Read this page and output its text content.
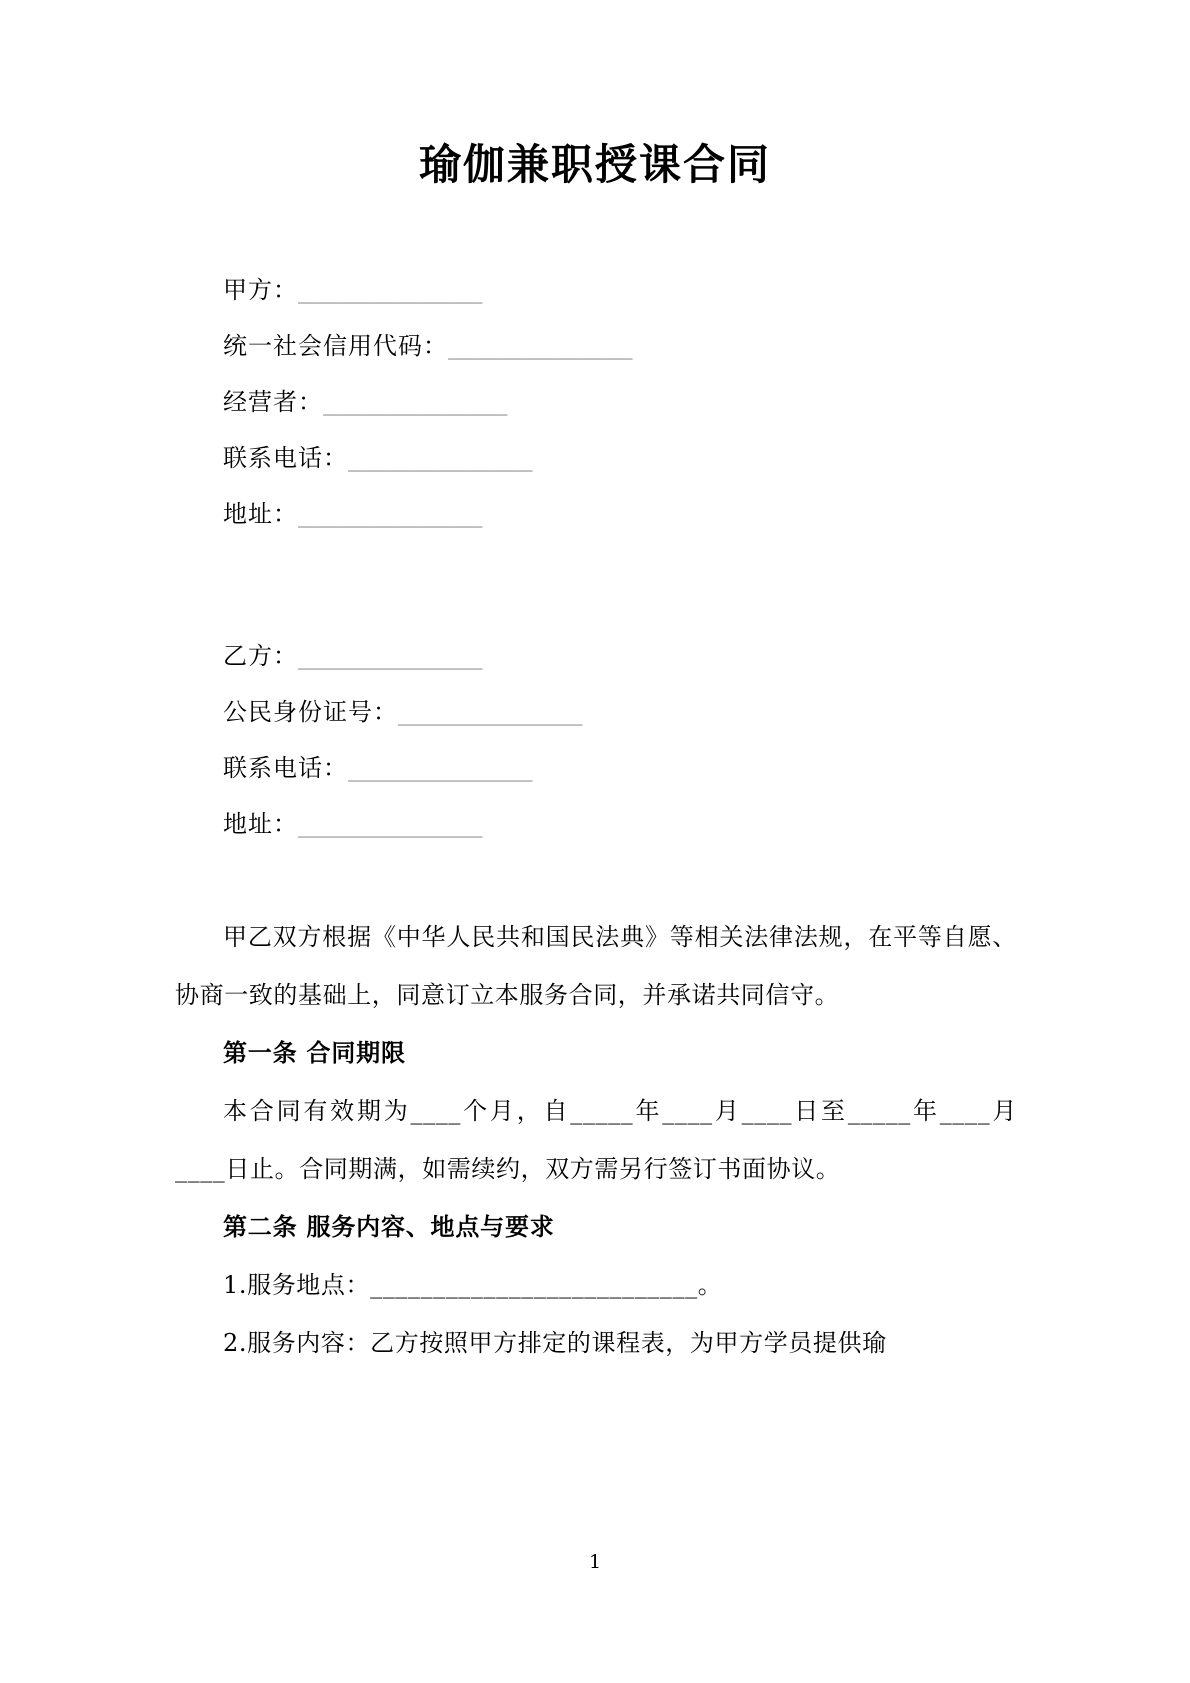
瑜伽兼职授课合同
甲方：________________
统一社会信用代码：________________
经营者：________________
联系电话：________________
地址：________________
乙方：________________
公民身份证号：________________
联系电话：________________
地址：________________

甲乙双方根据《中华人民共和国民法典》等相关法律法规，在平等自愿、协商一致的基础上，同意订立本服务合同，并承诺共同信守。

第一条 合同期限

本合同有效期为____个月，自_____年____月____日至_____年____月____日止。合同期满，如需续约，双方需另行签订书面协议。

第二条 服务内容、地点与要求
1.服务地点：__________________________。
2.服务内容：乙方按照甲方排定的课程表，为甲方学员提供瑜
1
